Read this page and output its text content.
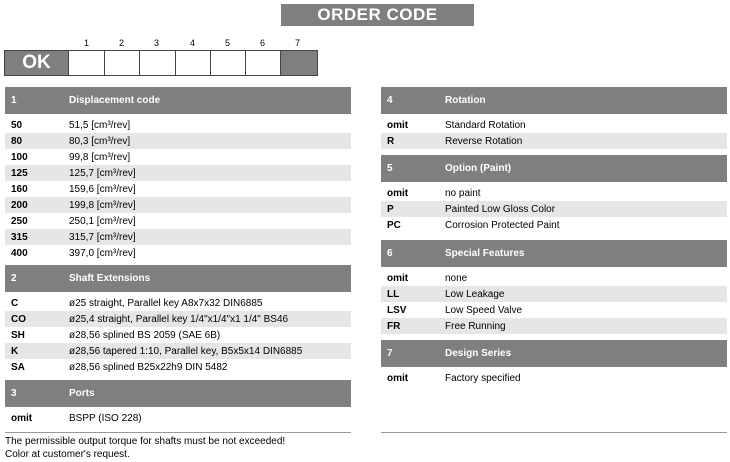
ORDER CODE
1	2	3	4	5	6	7
OK
1	Displacement code
50	51,5 [cm³/rev]
80	80,3 [cm³/rev]
100	99,8 [cm³/rev]
125	125,7 [cm³/rev]
160	159,6 [cm³/rev]
200	199,8 [cm³/rev]
250	250,1 [cm³/rev]
315	315,7 [cm³/rev]
400	397,0 [cm³/rev]
2	Shaft Extensions
C	ø25 straight, Parallel key A8x7x32 DIN6885
CO	ø25,4 straight, Parallel key 1/4"x1/4"x1 1/4" BS46
SH	ø28,56 splined BS 2059 (SAE 6B)
K	ø28,56 tapered 1:10, Parallel key, B5x5x14 DIN6885
SA	ø28,56 splined B25x22h9 DIN 5482
3	Ports
omit	BSPP (ISO 228)
The permissible output torque for shafts must be not exceeded!
Color at customer's request.
4	Rotation
omit	Standard Rotation
R	Reverse Rotation
5	Option (Paint)
omit	no paint
P	Painted Low Gloss Color
PC	Corrosion Protected Paint
6	Special Features
omit	none
LL	Low Leakage
LSV	Low Speed Valve
FR	Free Running
7	Design Series
omit	Factory specified
